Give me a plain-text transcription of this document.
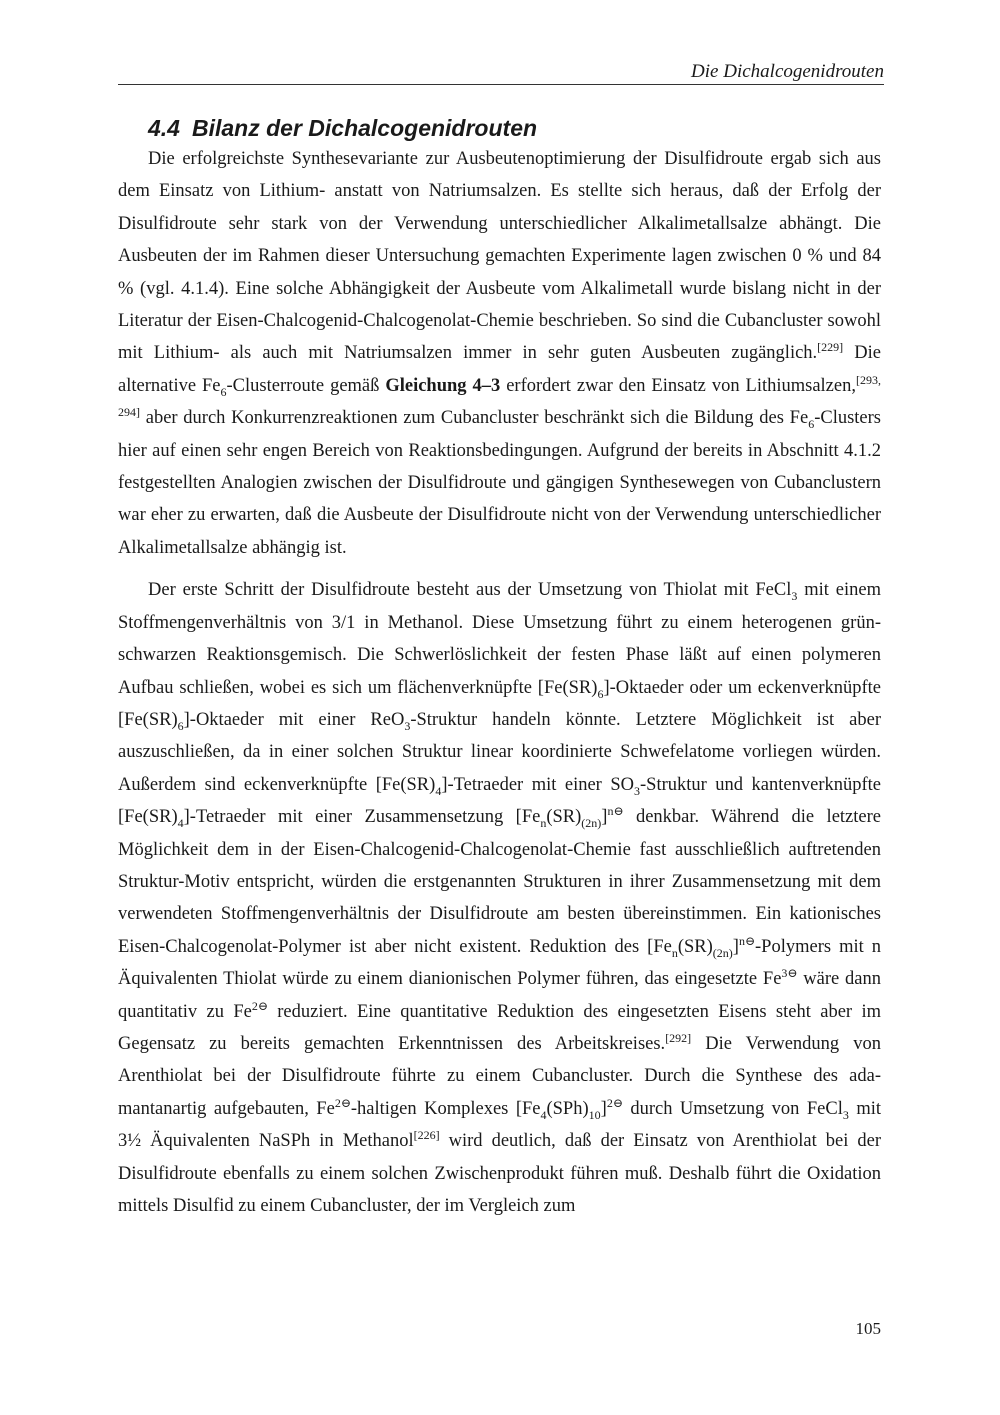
Die Dichalcogenidrouten
4.4 Bilanz der Dichalcogenidrouten

Die erfolgreichste Synthesevariante zur Ausbeutenoptimierung der Disulfidroute ergab sich aus dem Einsatz von Lithium- anstatt von Natriumsalzen. Es stellte sich heraus, daß der Erfolg der Disulfidroute sehr stark von der Verwendung unterschiedlicher Alkalimetallsalze abhängt. Die Ausbeuten der im Rahmen dieser Untersuchung gemachten Experimente lagen zwischen 0 % und 84 % (vgl. 4.1.4). Eine solche Abhängigkeit der Ausbeute vom Alkalimetall wurde bislang nicht in der Literatur der Eisen-Chalcogenid-Chalcogenolat-Chemie beschrieben. So sind die Cubancluster sowohl mit Lithium- als auch mit Natriumsalzen immer in sehr guten Ausbeuten zugänglich.[229] Die alternative $Fe_6$-Clusterroute gemäß Gleichung 4–3 erfordert zwar den Einsatz von Lithiumsalzen,[293, 294] aber durch Konkurrenzreaktionen zum Cubancluster beschränkt sich die Bildung des $Fe_6$-Clusters hier auf einen sehr engen Bereich von Reaktionsbedingungen. Aufgrund der bereits in Abschnitt 4.1.2 festgestellten Analogien zwischen der Disulfidroute und gängigen Synthesewegen von Cubanclustern war eher zu erwarten, daß die Ausbeute der Disulfidroute nicht von der Verwendung unterschiedlicher Alkalimetallsalze abhängig ist.

Der erste Schritt der Disulfidroute besteht aus der Umsetzung von Thiolat mit FeCl$_3$ mit einem Stoffmengenverhältnis von 3/1 in Methanol. Diese Umsetzung führt zu einem heterogenen grün-schwarzen Reaktionsgemisch. Die Schwerlöslichkeit der festen Phase läßt auf einen polymeren Aufbau schließen, wobei es sich um flächenverknüpfte $[Fe(SR)_6]$-Oktaeder oder um eckenverknüpfte $[Fe(SR)_6]$-Oktaeder mit einer ReO$_3$-Struktur handeln könnte. Letztere Möglichkeit ist aber auszuschließen, da in einer solchen Struktur linear koordinierte Schwefelatome vorliegen würden. Außerdem sind eckenverknüpfte $[Fe(SR)_4]$-Tetraeder mit einer $SO_3$-Struktur und kantenverknüpfte $[Fe(SR)_4]$-Tetraeder mit einer Zusammensetzung $[Fe_n(SR)_{(2n)}]^{n⊖}$ denkbar. Während die letztere Möglichkeit dem in der Eisen-Chalcogenid-Chalcogenolat-Chemie fast ausschließlich auftretenden Struktur-Motiv entspricht, würden die erstgenannten Strukturen in ihrer Zusammensetzung mit dem verwendeten Stoffmengenverhältnis der Disulfidroute am besten übereinstimmen. Ein kationisches Eisen-Chalcogenolat-Polymer ist aber nicht existent. Reduktion des $[Fe_n(SR)_{(2n)}]^{n⊖}$-Polymers mit n Äquivalenten Thiolat würde zu einem dianionischen Polymer führen, das eingesetzte $Fe^{3⊖}$ wäre dann quantitativ zu $Fe^{2⊖}$ reduziert. Eine quantitative Reduktion des eingesetzten Eisens steht aber im Gegensatz zu bereits gemachten Erkenntnissen des Arbeitskreises.[292] Die Verwendung von Arenthiolat bei der Disulfidroute führte zu einem Cubancluster. Durch die Synthese des adamantanartig aufgebauten, $Fe^{2⊖}$-haltigen Komplexes $[Fe_4(SPh)_{10}]^{2⊖}$ durch Umsetzung von FeCl$_3$ mit 3½ Äquivalenten NaSPh in Methanol[226] wird deutlich, daß der Einsatz von Arenthiolat bei der Disulfidroute ebenfalls zu einem solchen Zwischenprodukt führen muß. Deshalb führt die Oxidation mittels Disulfid zu einem Cubancluster, der im Vergleich zum

105
